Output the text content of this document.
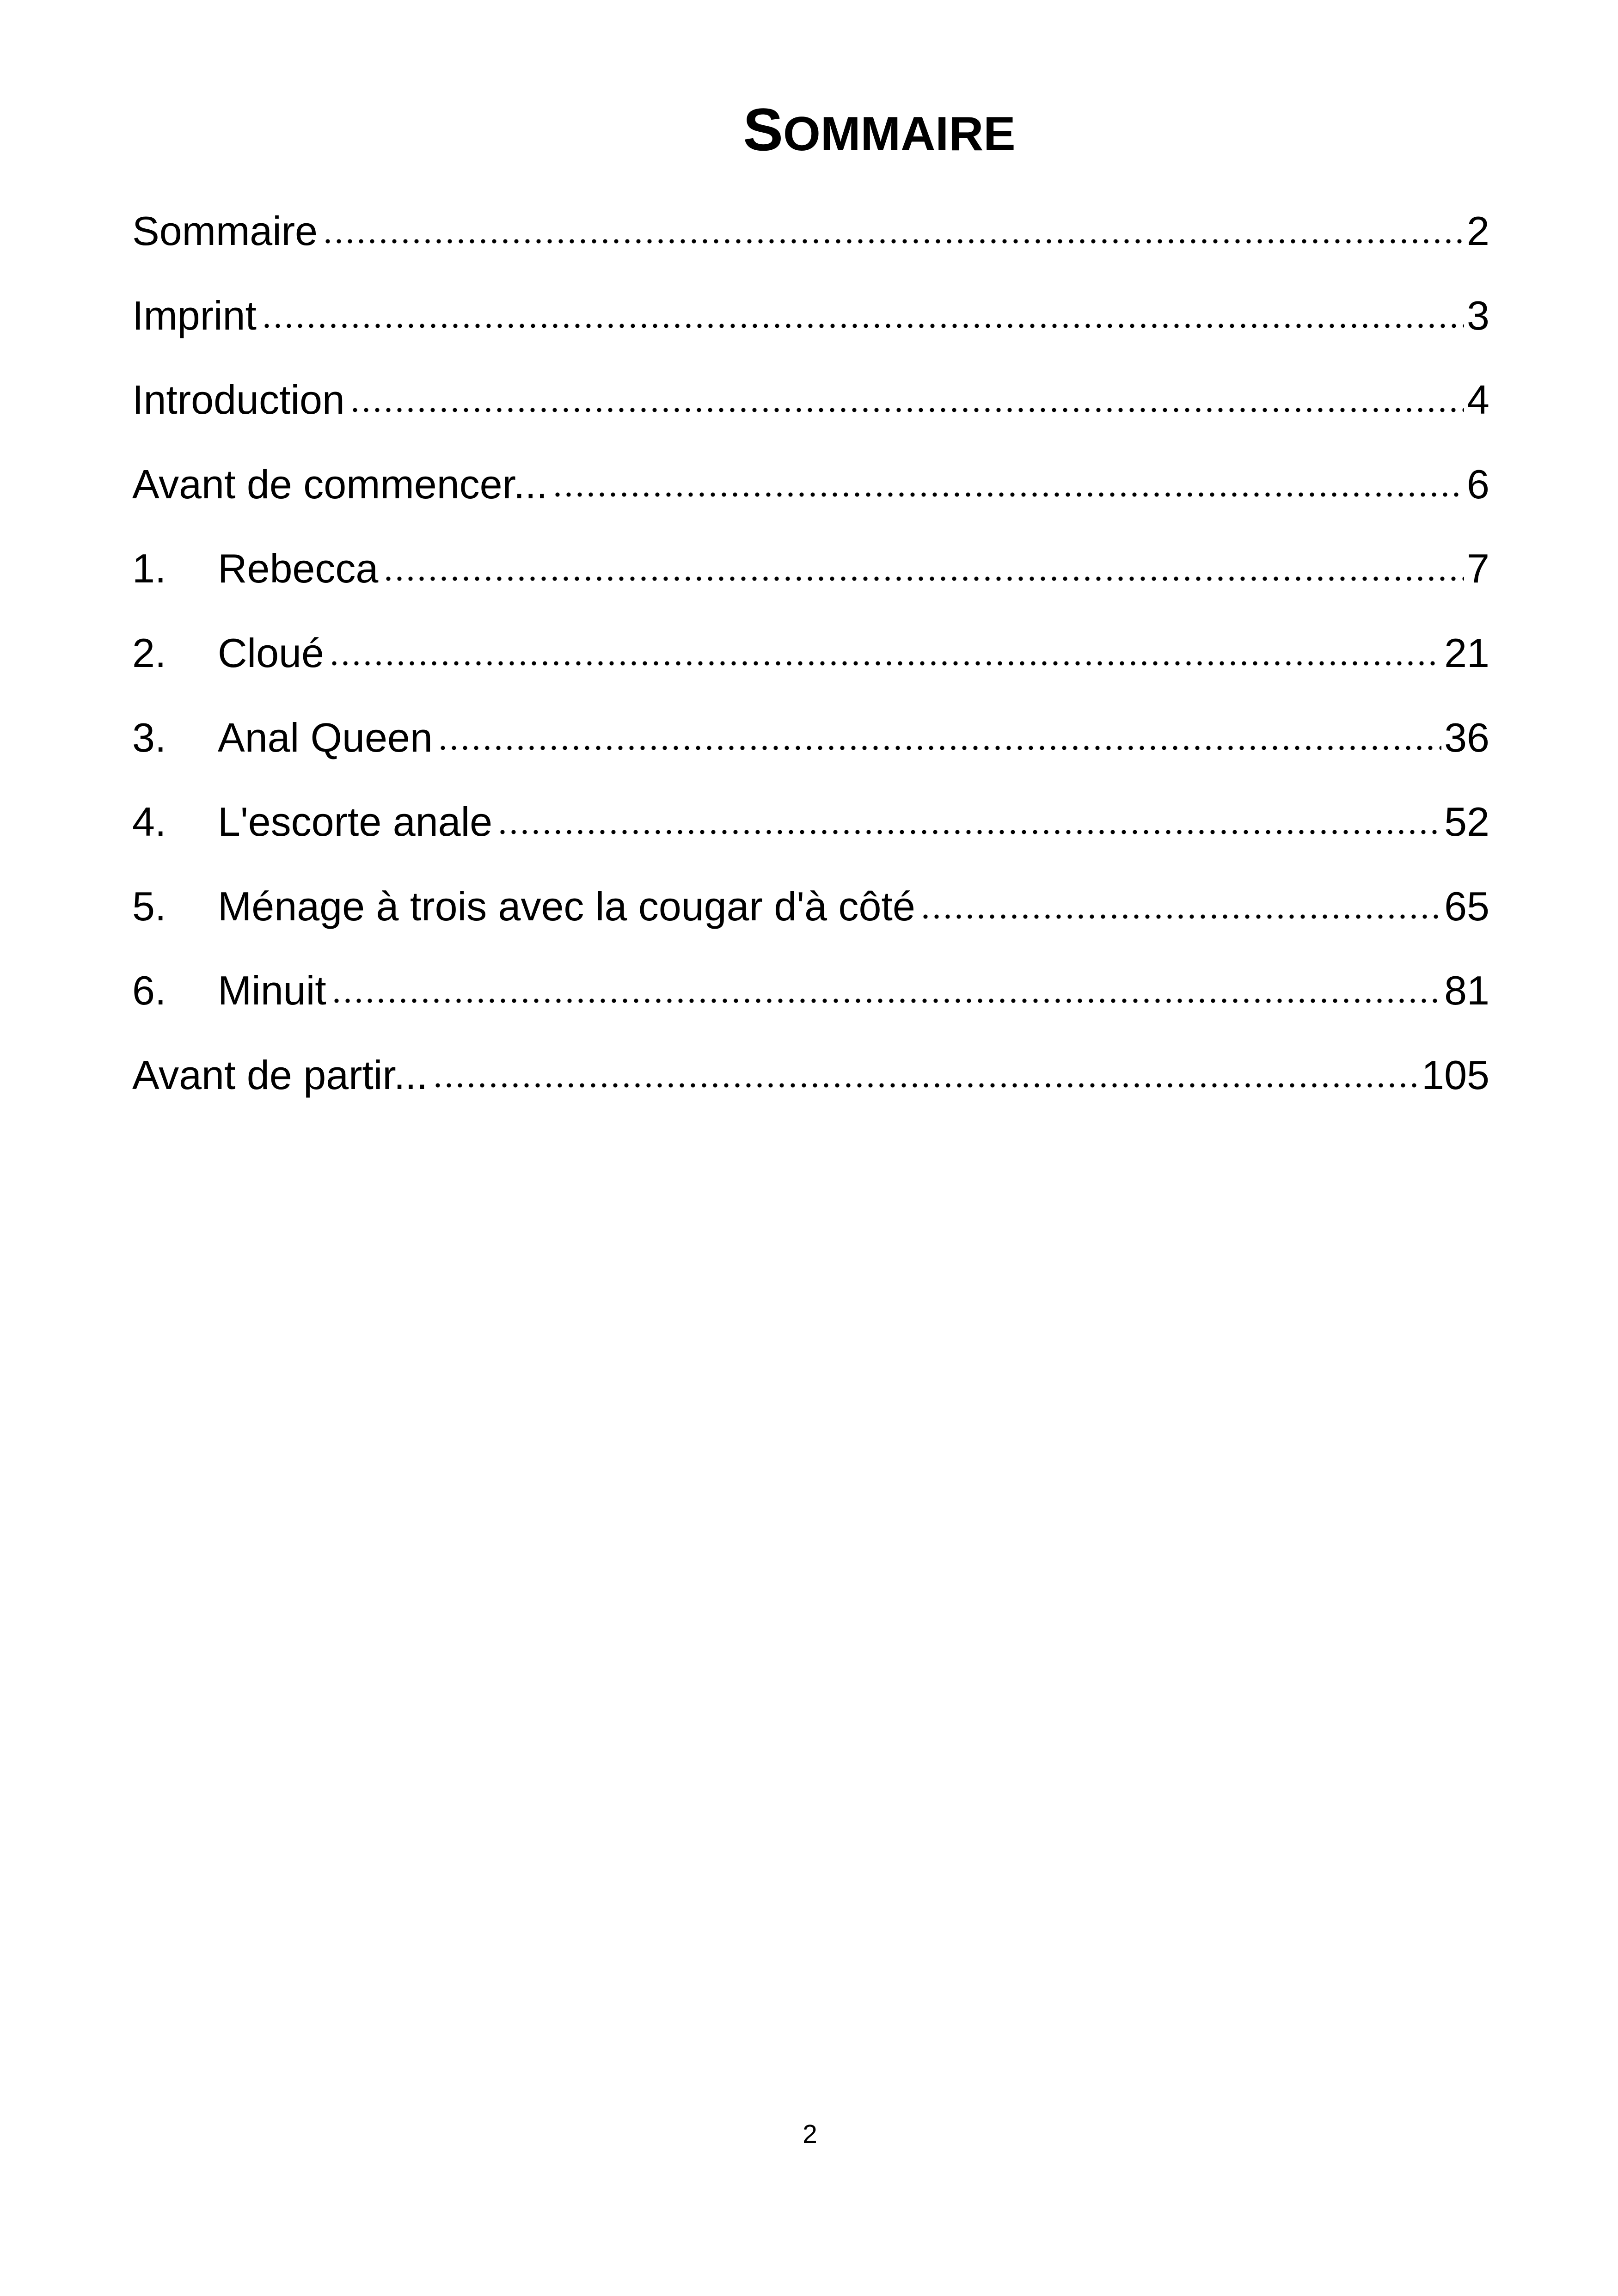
SOMMAIRE
Sommaire	2
Imprint	3
Introduction	4
Avant de commencer...	6
1.	Rebecca	7
2.	Cloué	21
3.	Anal Queen	36
4.	L'escorte anale	52
5.	Ménage à trois avec la cougar d'à côté	65
6.	Minuit	81
Avant de partir...	105
2
